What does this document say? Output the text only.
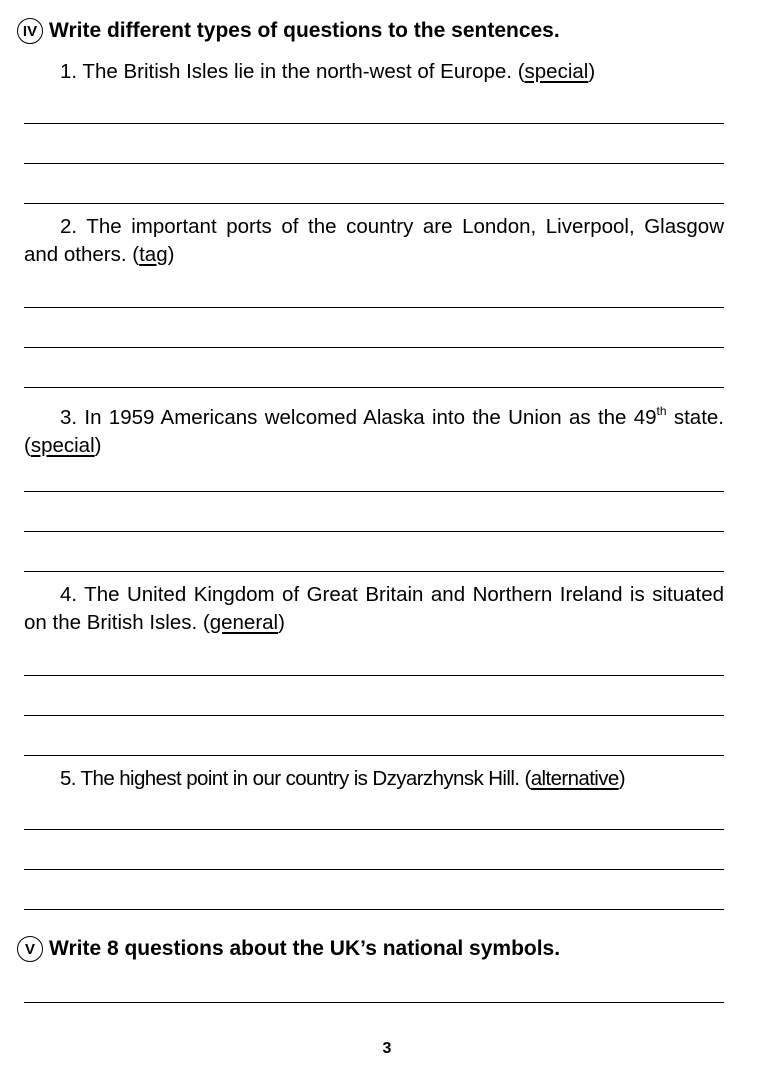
IV Write different types of questions to the sentences.
1. The British Isles lie in the north-west of Europe. (special)
2. The important ports of the country are London, Liverpool, Glasgow and others. (tag)
3. In 1959 Americans welcomed Alaska into the Union as the 49th state. (special)
4. The United Kingdom of Great Britain and Northern Ireland is situated on the British Isles. (general)
5. The highest point in our country is Dzyarzhynsk Hill. (alternative)
V Write 8 questions about the UK’s national symbols.
3
